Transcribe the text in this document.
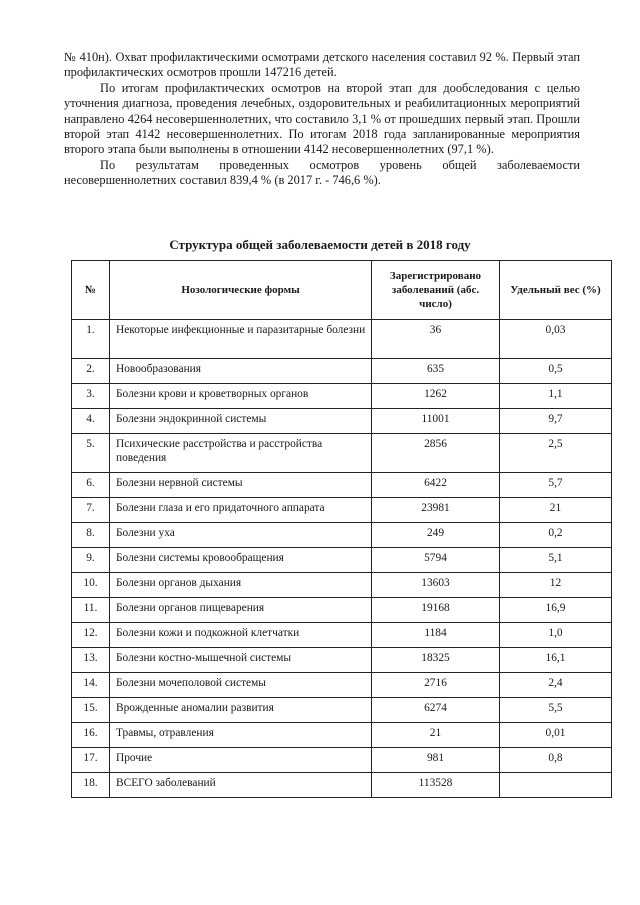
№ 410н). Охват профилактическими осмотрами детского населения составил 92 %. Первый этап профилактических осмотров прошли 147216 детей.

По итогам профилактических осмотров на второй этап для дообследования с целью уточнения диагноза, проведения лечебных, оздоровительных и реабилитационных мероприятий направлено 4264 несовершеннолетних, что составило 3,1 % от прошедших первый этап. Прошли второй этап 4142 несовершеннолетних. По итогам 2018 года запланированные мероприятия второго этапа были выполнены в отношении 4142 несовершеннолетних (97,1 %).

По результатам проведенных осмотров уровень общей заболеваемости несовершеннолетних составил 839,4 % (в 2017 г. - 746,6 %).

Структура общей заболеваемости детей в 2018 году
№	Нозологические формы	Зарегистрировано заболеваний (абс. число)	Удельный вес (%)
1.	Некоторые инфекционные и паразитарные болезни	36	0,03
2.	Новообразования	635	0,5
3.	Болезни крови и кроветворных органов	1262	1,1
4.	Болезни эндокринной системы	11001	9,7
5.	Психические расстройства и расстройства поведения	2856	2,5
6.	Болезни нервной системы	6422	5,7
7.	Болезни глаза и его придаточного аппарата	23981	21
8.	Болезни уха	249	0,2
9.	Болезни системы кровообращения	5794	5,1
10.	Болезни органов дыхания	13603	12
11.	Болезни органов пищеварения	19168	16,9
12.	Болезни кожи и подкожной клетчатки	1184	1,0
13.	Болезни костно-мышечной системы	18325	16,1
14.	Болезни мочеполовой системы	2716	2,4
15.	Врожденные аномалии развития	6274	5,5
16.	Травмы, отравления	21	0,01
17.	Прочие	981	0,8
18.	ВСЕГО заболеваний	113528	
